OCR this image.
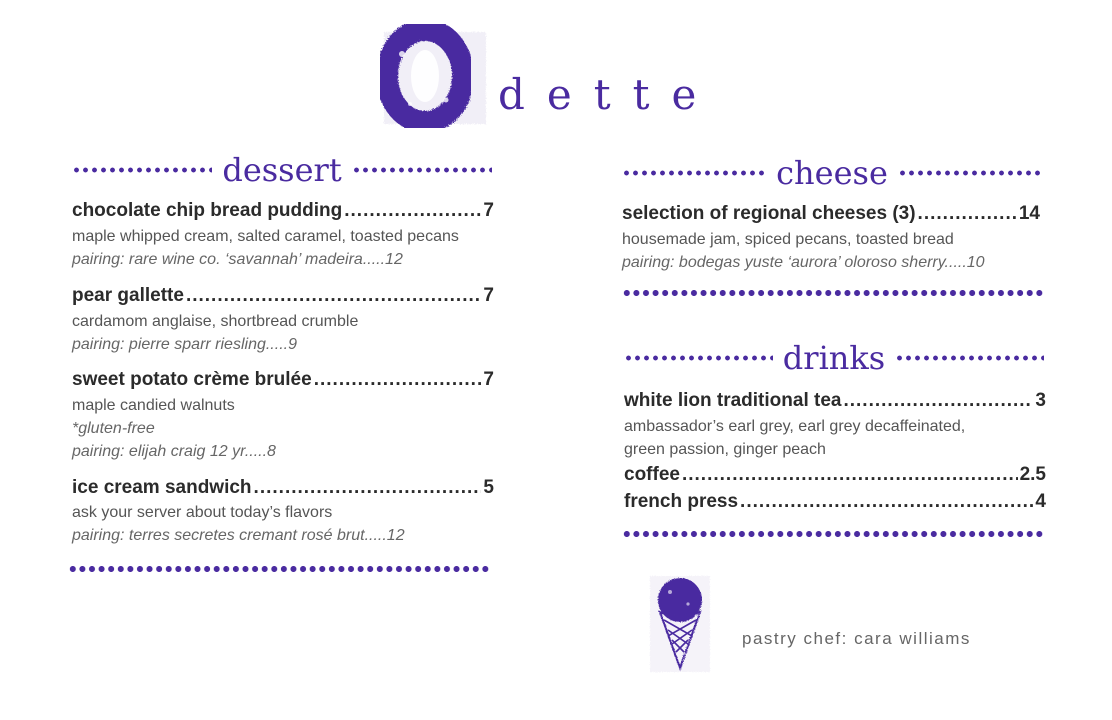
dette
dessert
chocolate chip bread pudding .....	7
maple whipped cream, salted caramel, toasted pecans
pairing: rare wine co. ‘savannah’ madeira.....12
pear gallette .....	7
cardamom anglaise, shortbread crumble
pairing: pierre sparr riesling.....9
sweet potato crème brulée .....	7
maple candied walnuts
*gluten-free
pairing: elijah craig 12 yr.....8
ice cream sandwich .....	5
ask your server about today’s flavors
pairing: terres secretes cremant rosé brut.....12
cheese
selection of regional cheeses (3) .....	14
housemade jam, spiced pecans, toasted bread
pairing: bodegas yuste ‘aurora’ oloroso sherry.....10
drinks
white lion traditional tea .....	3
ambassador’s earl grey, earl grey decaffeinated,
green passion, ginger peach
coffee .....	2.5
french press .....	4
pastry chef: cara williams
